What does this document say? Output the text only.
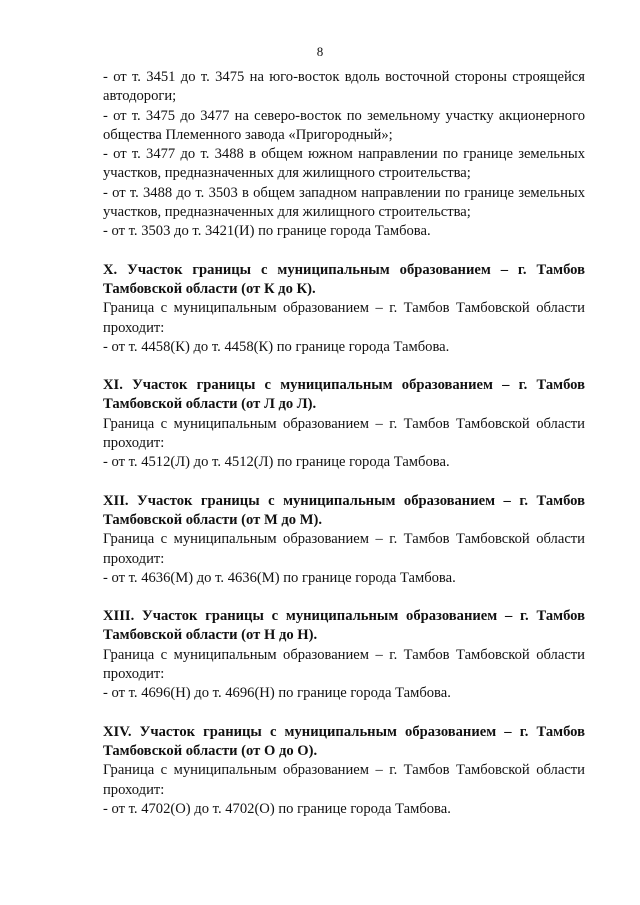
8
- от т. 3451 до т. 3475 на юго-восток вдоль восточной стороны строящейся
автодороги;
- от т. 3475 до 3477 на северо-восток по земельному участку акционерного
общества Племенного завода «Пригородный»;
- от т. 3477 до т. 3488 в общем южном направлении по границе земельных
участков, предназначенных для жилищного строительства;
- от т. 3488 до т. 3503 в общем западном направлении по границе земельных
участков, предназначенных для жилищного строительства;
- от т. 3503 до т. 3421(И) по границе города Тамбова.
X. Участок границы с муниципальным образованием – г. Тамбов
Тамбовской области (от К до К).
Граница с муниципальным образованием – г. Тамбов Тамбовской области
проходит:
- от т. 4458(К) до т. 4458(К) по границе города Тамбова.
XI. Участок границы с муниципальным образованием – г. Тамбов
Тамбовской области (от Л до Л).
Граница с муниципальным образованием – г. Тамбов Тамбовской области
проходит:
- от т. 4512(Л) до т. 4512(Л) по границе города Тамбова.
XII. Участок границы с муниципальным образованием – г. Тамбов
Тамбовской области (от М до М).
Граница с муниципальным образованием – г. Тамбов Тамбовской области
проходит:
- от т. 4636(М) до т. 4636(М) по границе города Тамбова.
XIII. Участок границы с муниципальным образованием – г. Тамбов
Тамбовской области (от Н до Н).
Граница с муниципальным образованием – г. Тамбов Тамбовской области
проходит:
- от т. 4696(Н) до т. 4696(Н) по границе города Тамбова.
XIV. Участок границы с муниципальным образованием – г. Тамбов
Тамбовской области (от О до О).
Граница с муниципальным образованием – г. Тамбов Тамбовской области
проходит:
- от т. 4702(О) до т. 4702(О) по границе города Тамбова.
